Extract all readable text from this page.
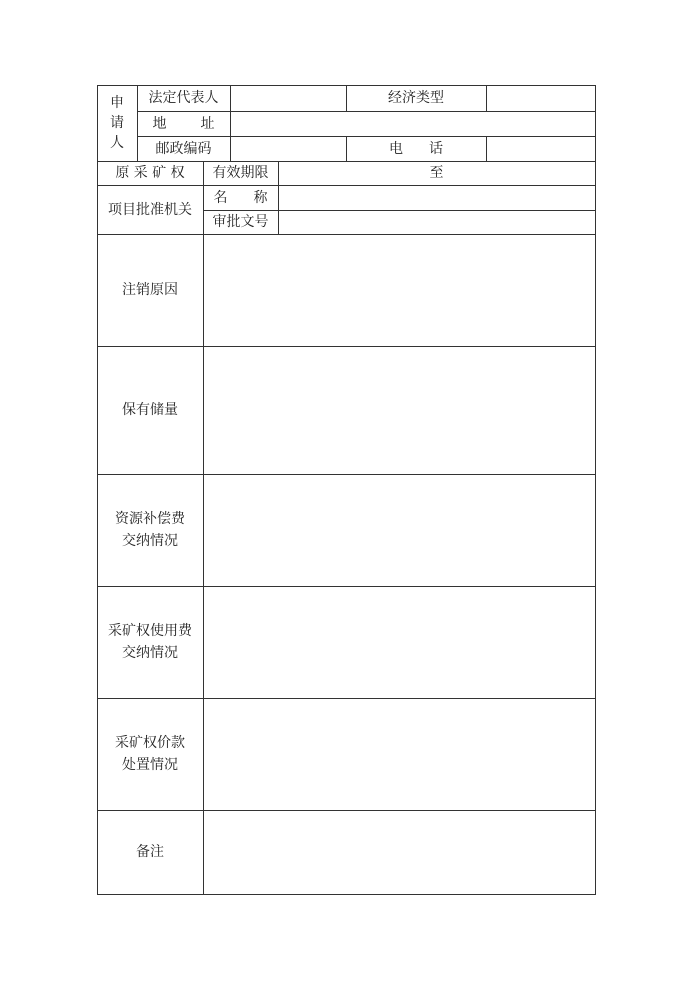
申
请
人
法定代表人	经济类型
地 址
邮政编码	电 话
原 采 矿 权	有效期限	至
项目批准机关
名 称
审批文号
注销原因
保有储量
资源补偿费
交纳情况
采矿权使用费
交纳情况
采矿权价款
处置情况
备注
